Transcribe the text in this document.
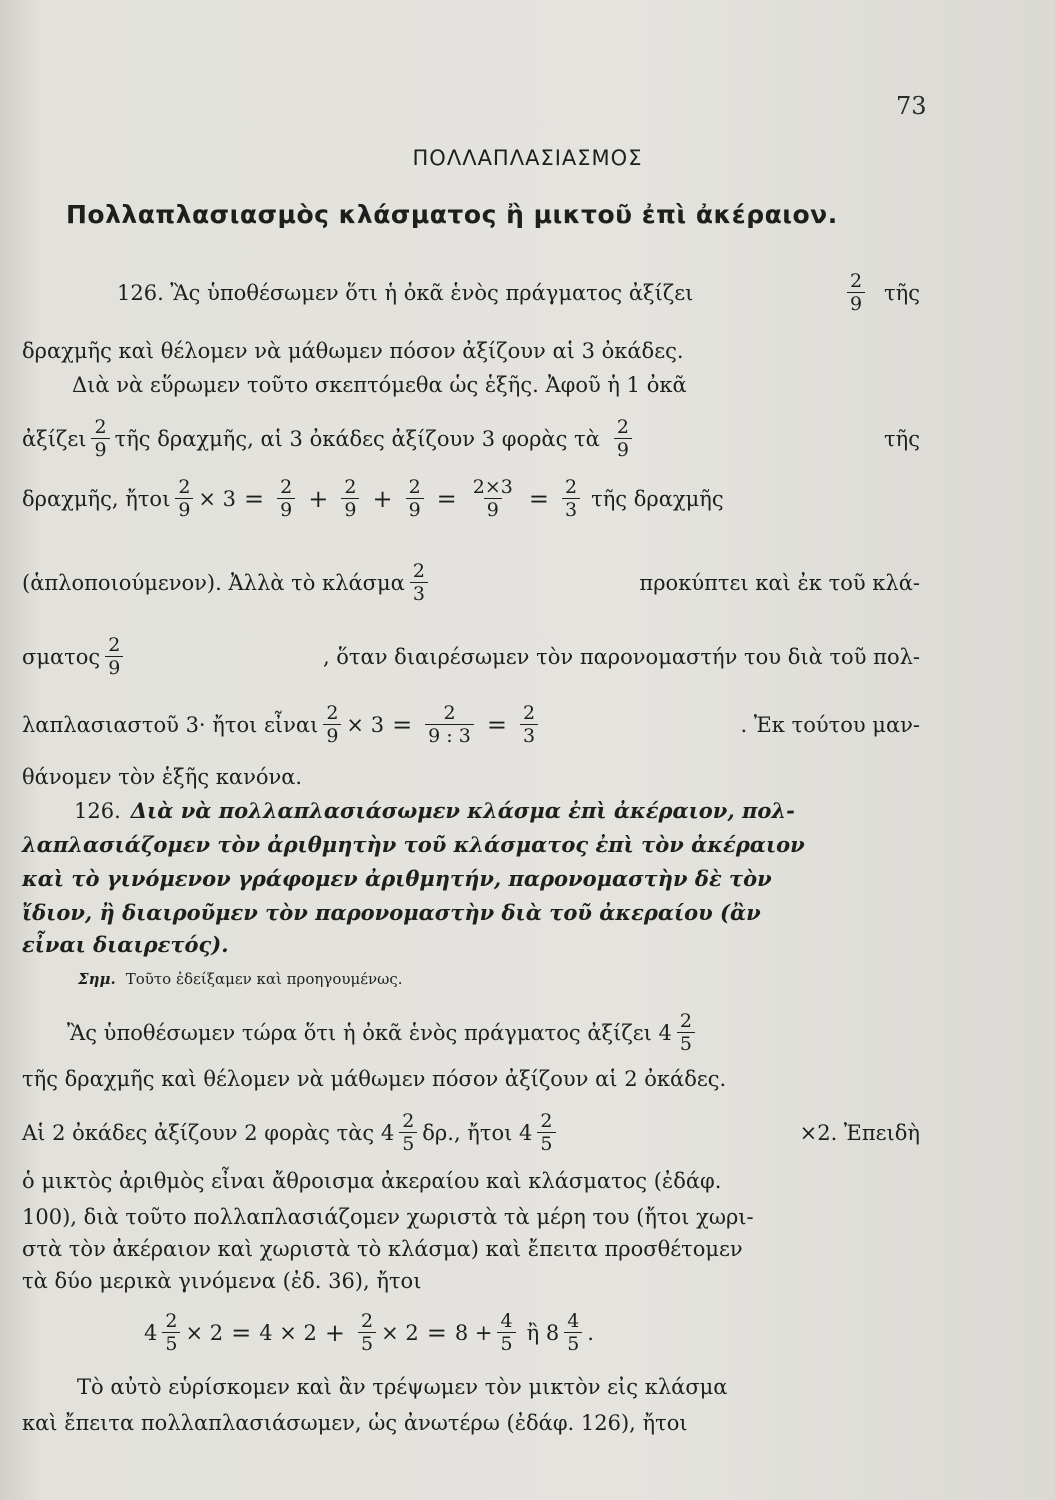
73
ΠΟΛΛΑΠΛΑΣΙΑΣΜΟΣ
Πολλαπλασιασμὸς κλάσματος ἢ μικτοῦ ἐπὶ ἀκέραιον.
126. Ἂς ὑποθέσωμεν ὅτι ἡ ὀκᾶ ἑνὸς πράγματος ἀξίζει	$\frac{2}{9}$ τῆς
δραχμῆς καὶ θέλομεν νὰ μάθωμεν πόσον ἀξίζουν αἱ 3 ὀκάδες.
Διὰ νὰ εὕρωμεν τοῦτο σκεπτόμεθα ὡς ἑξῆς. Ἀφοῦ ἡ 1 ὀκᾶ
ἀξίζει $\frac{2}{9}$ τῆς δραχμῆς, αἱ 3 ὀκάδες ἀξίζουν 3 φορὰς τὰ $\frac{2}{9}$	τῆς
δραχμῆς, ἤτοι $\frac{2}{9} \times 3 = \frac{2}{9} + \frac{2}{9} + \frac{2}{9} = \frac{2\times 3}{9} = \frac{2}{3}$ τῆς δραχμῆς
(ἁπλοποιούμενον). Ἀλλὰ τὸ κλάσμα $\frac{2}{3}$	προκύπτει καὶ ἐκ τοῦ κλά-
σματος $\frac{2}{9}$	, ὅταν διαιρέσωμεν τὸν παρονομαστήν του διὰ τοῦ πολ-
λαπλασιαστοῦ 3· ἤτοι εἶναι $\frac{2}{9} \times 3 = \frac{2}{9 : 3} = \frac{2}{3}$	. Ἐκ τούτου μαν-
θάνομεν τὸν ἑξῆς κανόνα.
126. Διὰ νὰ πολλαπλασιάσωμεν κλάσμα ἐπὶ ἀκέραιον, πολ-
λαπλασιάζομεν τὸν ἀριθμητὴν τοῦ κλάσματος ἐπὶ τὸν ἀκέραιον
καὶ τὸ γινόμενον γράφομεν ἀριθμητήν, παρονομαστὴν δὲ τὸν
ἴδιον, ἢ διαιροῦμεν τὸν παρονομαστὴν διὰ τοῦ ἀκεραίου (ἂν
εἶναι διαιρετός).
Σημ. Τοῦτο ἐδείξαμεν καὶ προηγουμένως.
Ἂς ὑποθέσωμεν τώρα ὅτι ἡ ὀκᾶ ἑνὸς πράγματος ἀξίζει $4 \frac{2}{5}$
τῆς δραχμῆς καὶ θέλομεν νὰ μάθωμεν πόσον ἀξίζουν αἱ 2 ὀκάδες.
Αἱ 2 ὀκάδες ἀξίζουν 2 φορὰς τὰς $4 \frac{2}{5} \delta\rho$., ἤτοι $4 \frac{2}{5}$	×2. Ἐπειδὴ
ὁ μικτὸς ἀριθμὸς εἶναι ἄθροισμα ἀκεραίου καὶ κλάσματος (ἐδάφ.
100), διὰ τοῦτο πολλαπλασιάζομεν χωριστὰ τὰ μέρη του (ἤτοι χωρι-
στὰ τὸν ἀκέραιον καὶ χωριστὰ τὸ κλάσμα) καὶ ἔπειτα προσθέτομεν
τὰ δύο μερικὰ γινόμενα (ἐδ. 36), ἤτοι
$4 \frac{2}{5} \times 2 = 4 \times 2 + \frac{2}{5} \times 2 = 8 + \frac{4}{5}$ ἢ $8 \frac{4}{5}$ .
Τὸ αὐτὸ εὑρίσκομεν καὶ ἂν τρέψωμεν τὸν μικτὸν εἰς κλάσμα
καὶ ἔπειτα πολλαπλασιάσωμεν, ὡς ἀνωτέρω (ἐδάφ. 126), ἤτοι
